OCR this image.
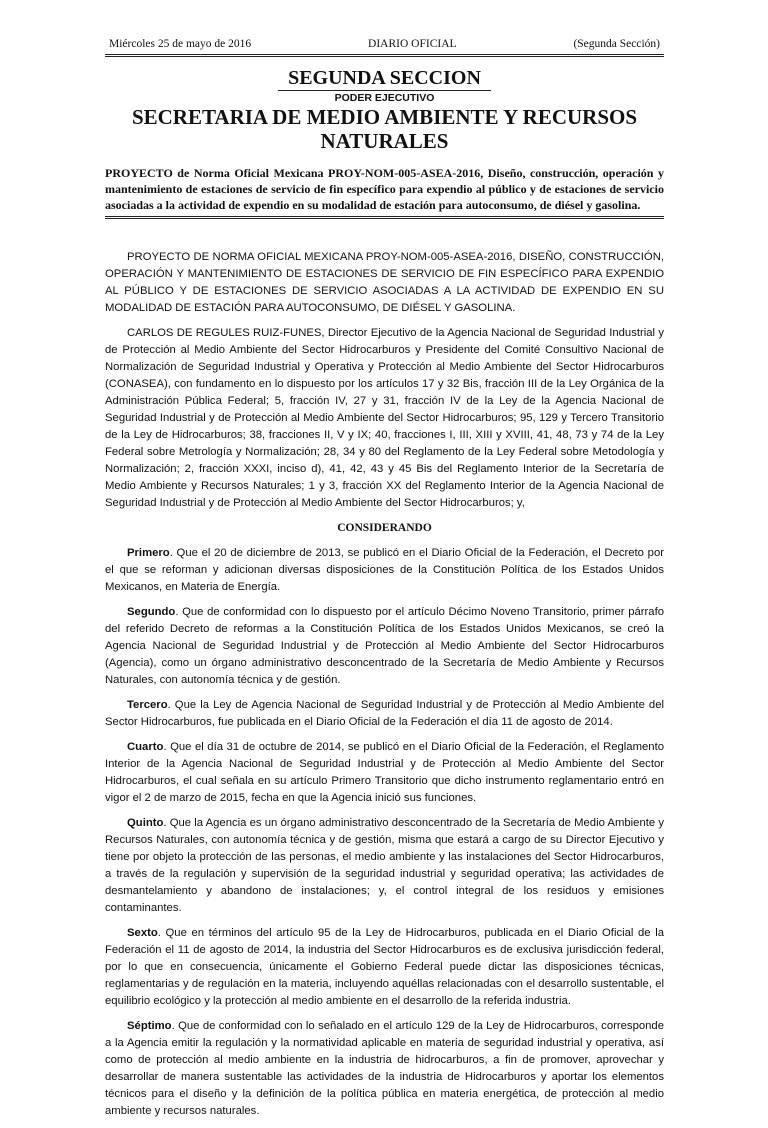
Miércoles 25 de mayo de 2016	DIARIO OFICIAL	(Segunda Sección)
SEGUNDA SECCION
PODER EJECUTIVO
SECRETARIA DE MEDIO AMBIENTE Y RECURSOS NATURALES
PROYECTO de Norma Oficial Mexicana PROY-NOM-005-ASEA-2016, Diseño, construcción, operación y mantenimiento de estaciones de servicio de fin específico para expendio al público y de estaciones de servicio asociadas a la actividad de expendio en su modalidad de estación para autoconsumo, de diésel y gasolina.

PROYECTO DE NORMA OFICIAL MEXICANA PROY-NOM-005-ASEA-2016, DISEÑO, CONSTRUCCIÓN, OPERACIÓN Y MANTENIMIENTO DE ESTACIONES DE SERVICIO DE FIN ESPECÍFICO PARA EXPENDIO AL PÚBLICO Y DE ESTACIONES DE SERVICIO ASOCIADAS A LA ACTIVIDAD DE EXPENDIO EN SU MODALIDAD DE ESTACIÓN PARA AUTOCONSUMO, DE DIÉSEL Y GASOLINA.

CARLOS DE REGULES RUIZ-FUNES, Director Ejecutivo de la Agencia Nacional de Seguridad Industrial y de Protección al Medio Ambiente del Sector Hidrocarburos y Presidente del Comité Consultivo Nacional de Normalización de Seguridad Industrial y Operativa y Protección al Medio Ambiente del Sector Hidrocarburos (CONASEA), con fundamento en lo dispuesto por los artículos 17 y 32 Bis, fracción III de la Ley Orgánica de la Administración Pública Federal; 5, fracción IV, 27 y 31, fracción IV de la Ley de la Agencia Nacional de Seguridad Industrial y de Protección al Medio Ambiente del Sector Hidrocarburos; 95, 129 y Tercero Transitorio de la Ley de Hidrocarburos; 38, fracciones II, V y IX; 40, fracciones I, III, XIII y XVIII, 41, 48, 73 y 74 de la Ley Federal sobre Metrología y Normalización; 28, 34 y 80 del Reglamento de la Ley Federal sobre Metodología y Normalización; 2, fracción XXXI, inciso d), 41, 42, 43 y 45 Bis del Reglamento Interior de la Secretaría de Medio Ambiente y Recursos Naturales; 1 y 3, fracción XX del Reglamento Interior de la Agencia Nacional de Seguridad Industrial y de Protección al Medio Ambiente del Sector Hidrocarburos; y,

CONSIDERANDO

Primero. Que el 20 de diciembre de 2013, se publicó en el Diario Oficial de la Federación, el Decreto por el que se reforman y adicionan diversas disposiciones de la Constitución Política de los Estados Unidos Mexicanos, en Materia de Energía.

Segundo. Que de conformidad con lo dispuesto por el artículo Décimo Noveno Transitorio, primer párrafo del referido Decreto de reformas a la Constitución Política de los Estados Unidos Mexicanos, se creó la Agencia Nacional de Seguridad Industrial y de Protección al Medio Ambiente del Sector Hidrocarburos (Agencia), como un órgano administrativo desconcentrado de la Secretaría de Medio Ambiente y Recursos Naturales, con autonomía técnica y de gestión.

Tercero. Que la Ley de Agencia Nacional de Seguridad Industrial y de Protección al Medio Ambiente del Sector Hidrocarburos, fue publicada en el Diario Oficial de la Federación el día 11 de agosto de 2014.

Cuarto. Que el día 31 de octubre de 2014, se publicó en el Diario Oficial de la Federación, el Reglamento Interior de la Agencia Nacional de Seguridad Industrial y de Protección al Medio Ambiente del Sector Hidrocarburos, el cual señala en su artículo Primero Transitorio que dicho instrumento reglamentario entró en vigor el 2 de marzo de 2015, fecha en que la Agencia inició sus funciones.

Quinto. Que la Agencia es un órgano administrativo desconcentrado de la Secretaría de Medio Ambiente y Recursos Naturales, con autonomía técnica y de gestión, misma que estará a cargo de su Director Ejecutivo y tiene por objeto la protección de las personas, el medio ambiente y las instalaciones del Sector Hidrocarburos, a través de la regulación y supervisión de la seguridad industrial y seguridad operativa; las actividades de desmantelamiento y abandono de instalaciones; y, el control integral de los residuos y emisiones contaminantes.

Sexto. Que en términos del artículo 95 de la Ley de Hidrocarburos, publicada en el Diario Oficial de la Federación el 11 de agosto de 2014, la industria del Sector Hidrocarburos es de exclusiva jurisdicción federal, por lo que en consecuencia, únicamente el Gobierno Federal puede dictar las disposiciones técnicas, reglamentarias y de regulación en la materia, incluyendo aquéllas relacionadas con el desarrollo sustentable, el equilibrio ecológico y la protección al medio ambiente en el desarrollo de la referida industria.

Séptimo. Que de conformidad con lo señalado en el artículo 129 de la Ley de Hidrocarburos, corresponde a la Agencia emitir la regulación y la normatividad aplicable en materia de seguridad industrial y operativa, así como de protección al medio ambiente en la industria de hidrocarburos, a fin de promover, aprovechar y desarrollar de manera sustentable las actividades de la industria de Hidrocarburos y aportar los elementos técnicos para el diseño y la definición de la política pública en materia energética, de protección al medio ambiente y recursos naturales.
